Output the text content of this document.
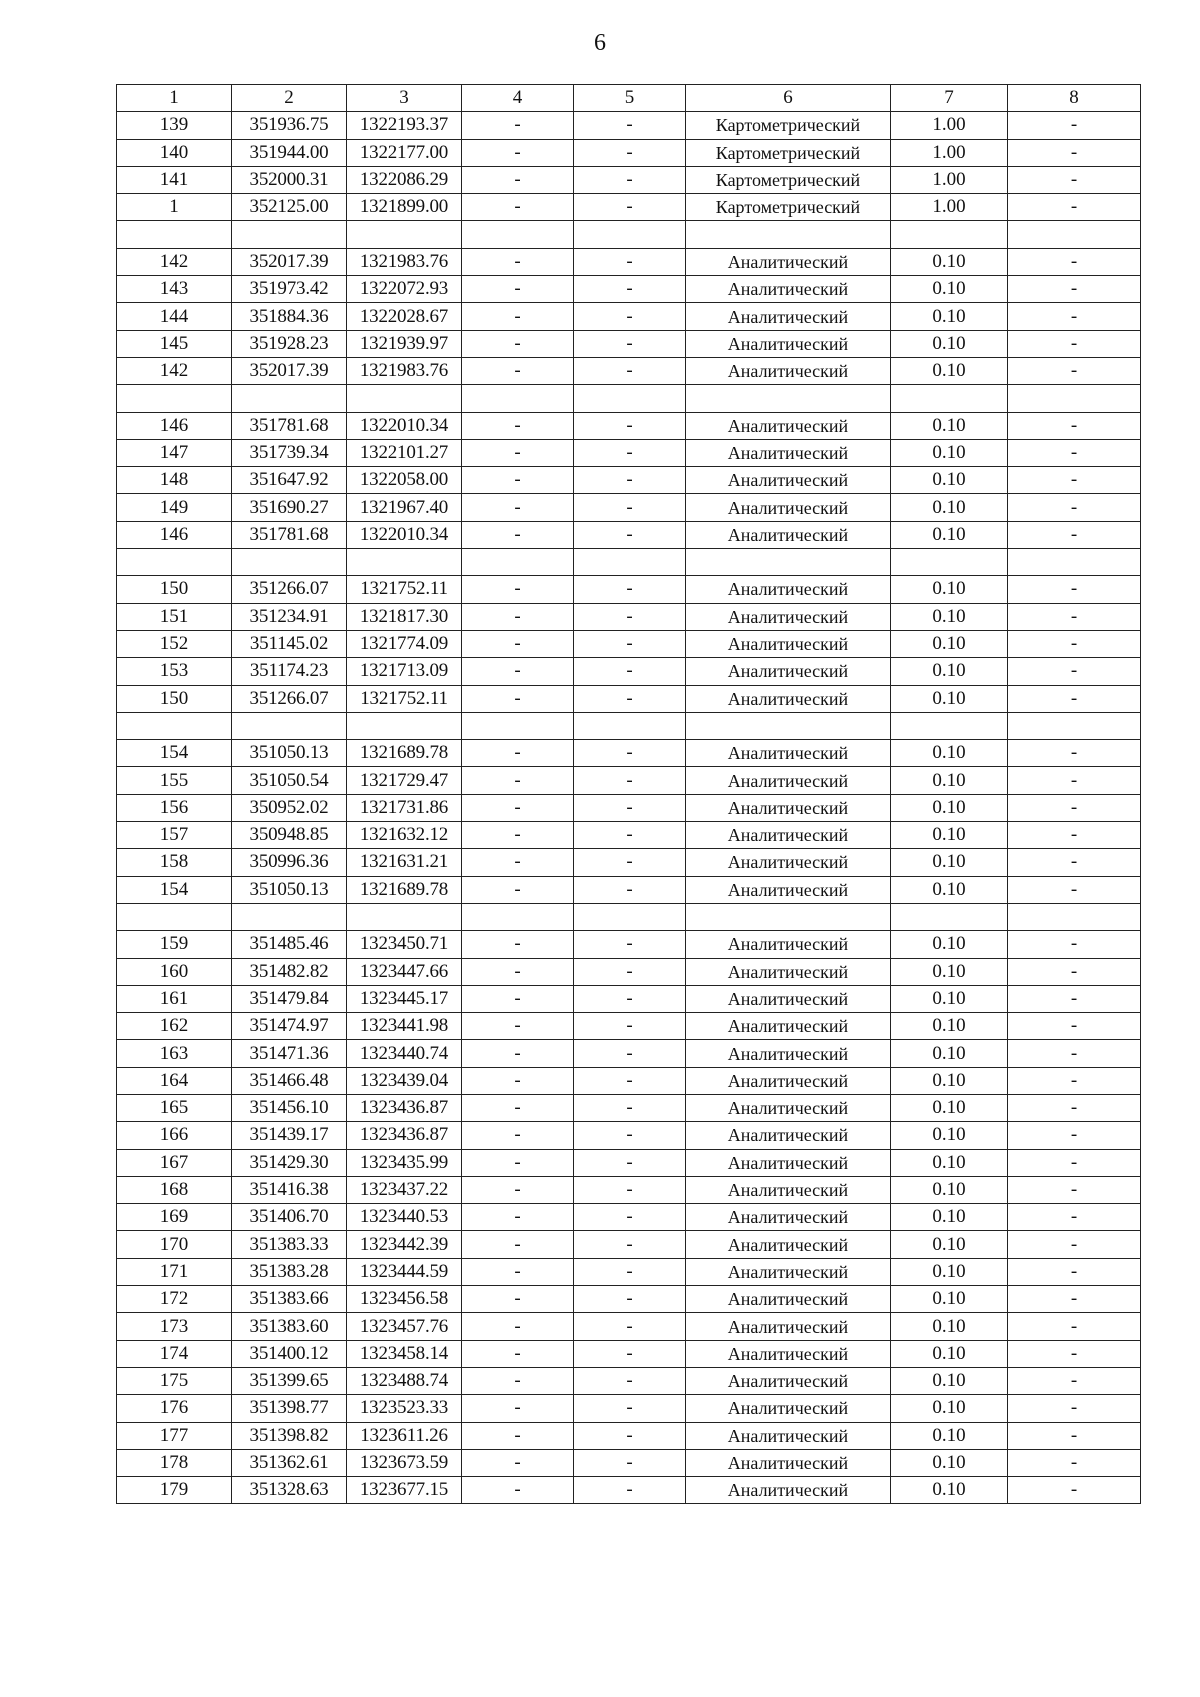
6
1	2	3	4	5	6	7	8
139	351936.75	1322193.37	-	-	Картометрический	1.00	-
140	351944.00	1322177.00	-	-	Картометрический	1.00	-
141	352000.31	1322086.29	-	-	Картометрический	1.00	-
1	352125.00	1321899.00	-	-	Картометрический	1.00	-

142	352017.39	1321983.76	-	-	Аналитический	0.10	-
143	351973.42	1322072.93	-	-	Аналитический	0.10	-
144	351884.36	1322028.67	-	-	Аналитический	0.10	-
145	351928.23	1321939.97	-	-	Аналитический	0.10	-
142	352017.39	1321983.76	-	-	Аналитический	0.10	-

146	351781.68	1322010.34	-	-	Аналитический	0.10	-
147	351739.34	1322101.27	-	-	Аналитический	0.10	-
148	351647.92	1322058.00	-	-	Аналитический	0.10	-
149	351690.27	1321967.40	-	-	Аналитический	0.10	-
146	351781.68	1322010.34	-	-	Аналитический	0.10	-

150	351266.07	1321752.11	-	-	Аналитический	0.10	-
151	351234.91	1321817.30	-	-	Аналитический	0.10	-
152	351145.02	1321774.09	-	-	Аналитический	0.10	-
153	351174.23	1321713.09	-	-	Аналитический	0.10	-
150	351266.07	1321752.11	-	-	Аналитический	0.10	-

154	351050.13	1321689.78	-	-	Аналитический	0.10	-
155	351050.54	1321729.47	-	-	Аналитический	0.10	-
156	350952.02	1321731.86	-	-	Аналитический	0.10	-
157	350948.85	1321632.12	-	-	Аналитический	0.10	-
158	350996.36	1321631.21	-	-	Аналитический	0.10	-
154	351050.13	1321689.78	-	-	Аналитический	0.10	-

159	351485.46	1323450.71	-	-	Аналитический	0.10	-
160	351482.82	1323447.66	-	-	Аналитический	0.10	-
161	351479.84	1323445.17	-	-	Аналитический	0.10	-
162	351474.97	1323441.98	-	-	Аналитический	0.10	-
163	351471.36	1323440.74	-	-	Аналитический	0.10	-
164	351466.48	1323439.04	-	-	Аналитический	0.10	-
165	351456.10	1323436.87	-	-	Аналитический	0.10	-
166	351439.17	1323436.87	-	-	Аналитический	0.10	-
167	351429.30	1323435.99	-	-	Аналитический	0.10	-
168	351416.38	1323437.22	-	-	Аналитический	0.10	-
169	351406.70	1323440.53	-	-	Аналитический	0.10	-
170	351383.33	1323442.39	-	-	Аналитический	0.10	-
171	351383.28	1323444.59	-	-	Аналитический	0.10	-
172	351383.66	1323456.58	-	-	Аналитический	0.10	-
173	351383.60	1323457.76	-	-	Аналитический	0.10	-
174	351400.12	1323458.14	-	-	Аналитический	0.10	-
175	351399.65	1323488.74	-	-	Аналитический	0.10	-
176	351398.77	1323523.33	-	-	Аналитический	0.10	-
177	351398.82	1323611.26	-	-	Аналитический	0.10	-
178	351362.61	1323673.59	-	-	Аналитический	0.10	-
179	351328.63	1323677.15	-	-	Аналитический	0.10	-
